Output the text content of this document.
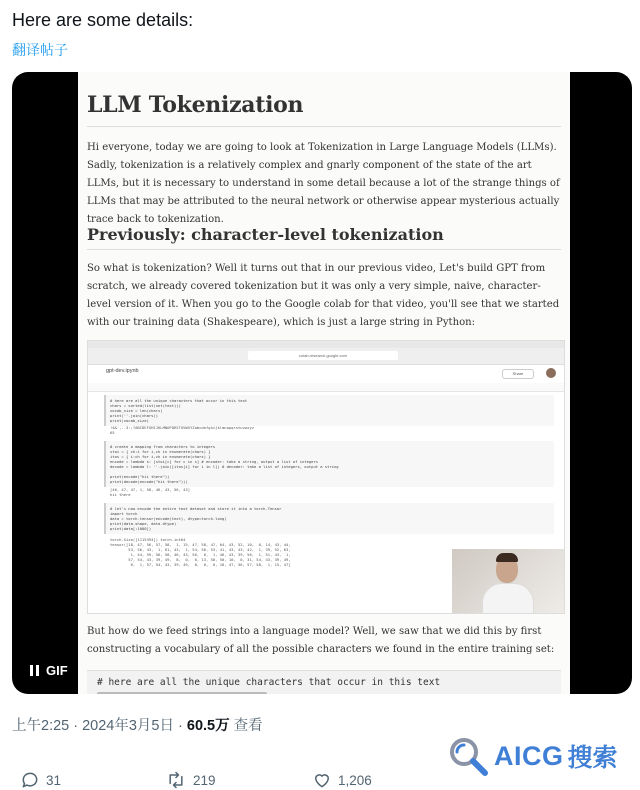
Here are some details:
翻译帖子
LLM Tokenization
Hi everyone, today we are going to look at Tokenization in Large Language Models (LLMs). Sadly, tokenization is a relatively complex and gnarly component of the state of the art LLMs, but it is necessary to understand in some detail because a lot of the strange things of LLMs that may be attributed to the neural network or otherwise appear mysterious actually trace back to tokenization.
Previously: character-level tokenization
So what is tokenization? Well it turns out that in our previous video, Let's build GPT from scratch, we already covered tokenization but it was only a very simple, naive, character-level version of it. When you go to the Google colab for that video, you'll see that we started with our training data (Shakespeare), which is just a large string in Python:
colab.research.google.com
gpt-dev.ipynb	Share
# here are all the unique characters that occur in this text
chars = sorted(list(set(text)))
vocab_size = len(chars)
print(''.join(chars))
print(vocab_size)
!$&',-.3:;?ABCDEFGHIJKLMNOPQRSTUVWXYZabcdefghijklmnopqrstuvwxyz
65
# create a mapping from characters to integers
stoi = { ch:i for i,ch in enumerate(chars) }
itos = { i:ch for i,ch in enumerate(chars) }
encode = lambda s: [stoi[c] for c in s] # encoder: take a string, output a list of integers
decode = lambda l: ''.join([itos[i] for i in l]) # decoder: take a list of integers, output a string

print(encode("hii there"))
print(decode(encode("hii there")))
[46, 47, 47, 1, 58, 46, 43, 56, 43]
hii there
# let's now encode the entire text dataset and store it into a torch.Tensor
import torch
data = torch.tensor(encode(text), dtype=torch.long)
print(data.shape, data.dtype)
print(data[:1000])
torch.Size([1115394]) torch.int64
tensor([18, 47, 56, 57, 58,  1, 15, 47, 58, 47, 64, 43, 52, 10,  0, 14, 43, 44,
53, 56, 43,  1, 61, 43,  1, 54, 56, 53, 41, 43, 43, 42,  1, 39, 52, 63,
1, 44, 59, 56, 58, 46, 43, 56,  6,  1, 46, 43, 39, 56,  1, 51, 43,  1,
57, 54, 43, 39, 49,  8,  0,  0, 13, 50, 50, 10,  0, 31, 54, 43, 39, 49,
6,  1, 57, 54, 43, 39, 49,  8,  0,  0, 18, 47, 56, 57, 58,  1, 15, 47]
But how do we feed strings into a language model? Well, we saw that we did this by first constructing a vocabulary of all the possible characters we found in the entire training set:
# here are all the unique characters that occur in this text
GIF
上午2:25 · 2024年3月5日 · 60.5万 查看
31	219	1,206
AICG 搜索
